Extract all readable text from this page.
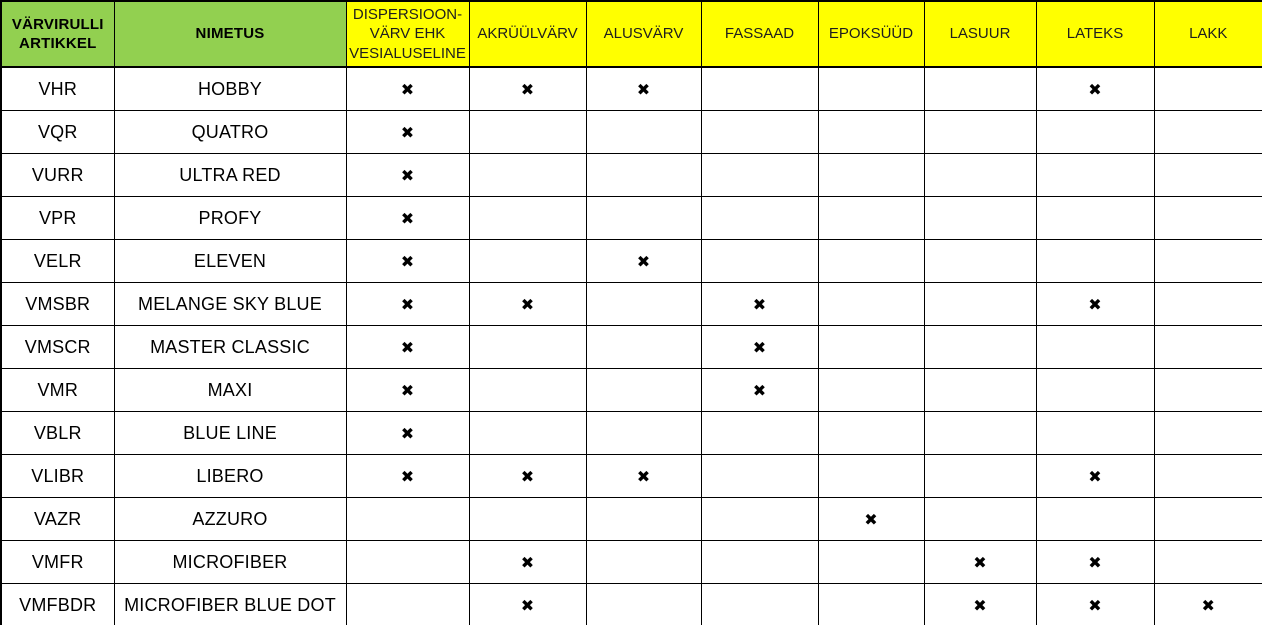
VÄRVIRULLI ARTIKKEL	NIMETUS	DISPERSIOON-VÄRV EHK VESIALUSELINE	AKRÜÜLVÄRV	ALUSVÄRV	FASSAAD	EPOKSÜÜD	LASUUR	LATEKS	LAKK
VHR	HOBBY	✖	✖	✖				✖	
VQR	QUATRO	✖							
VURR	ULTRA RED	✖							
VPR	PROFY	✖							
VELR	ELEVEN	✖		✖					
VMSBR	MELANGE SKY BLUE	✖	✖		✖			✖	
VMSCR	MASTER CLASSIC	✖			✖				
VMR	MAXI	✖			✖				
VBLR	BLUE LINE	✖							
VLIBR	LIBERO	✖	✖	✖				✖	
VAZR	AZZURO					✖			
VMFR	MICROFIBER		✖				✖	✖	
VMFBDR	MICROFIBER BLUE DOT		✖				✖	✖	✖
